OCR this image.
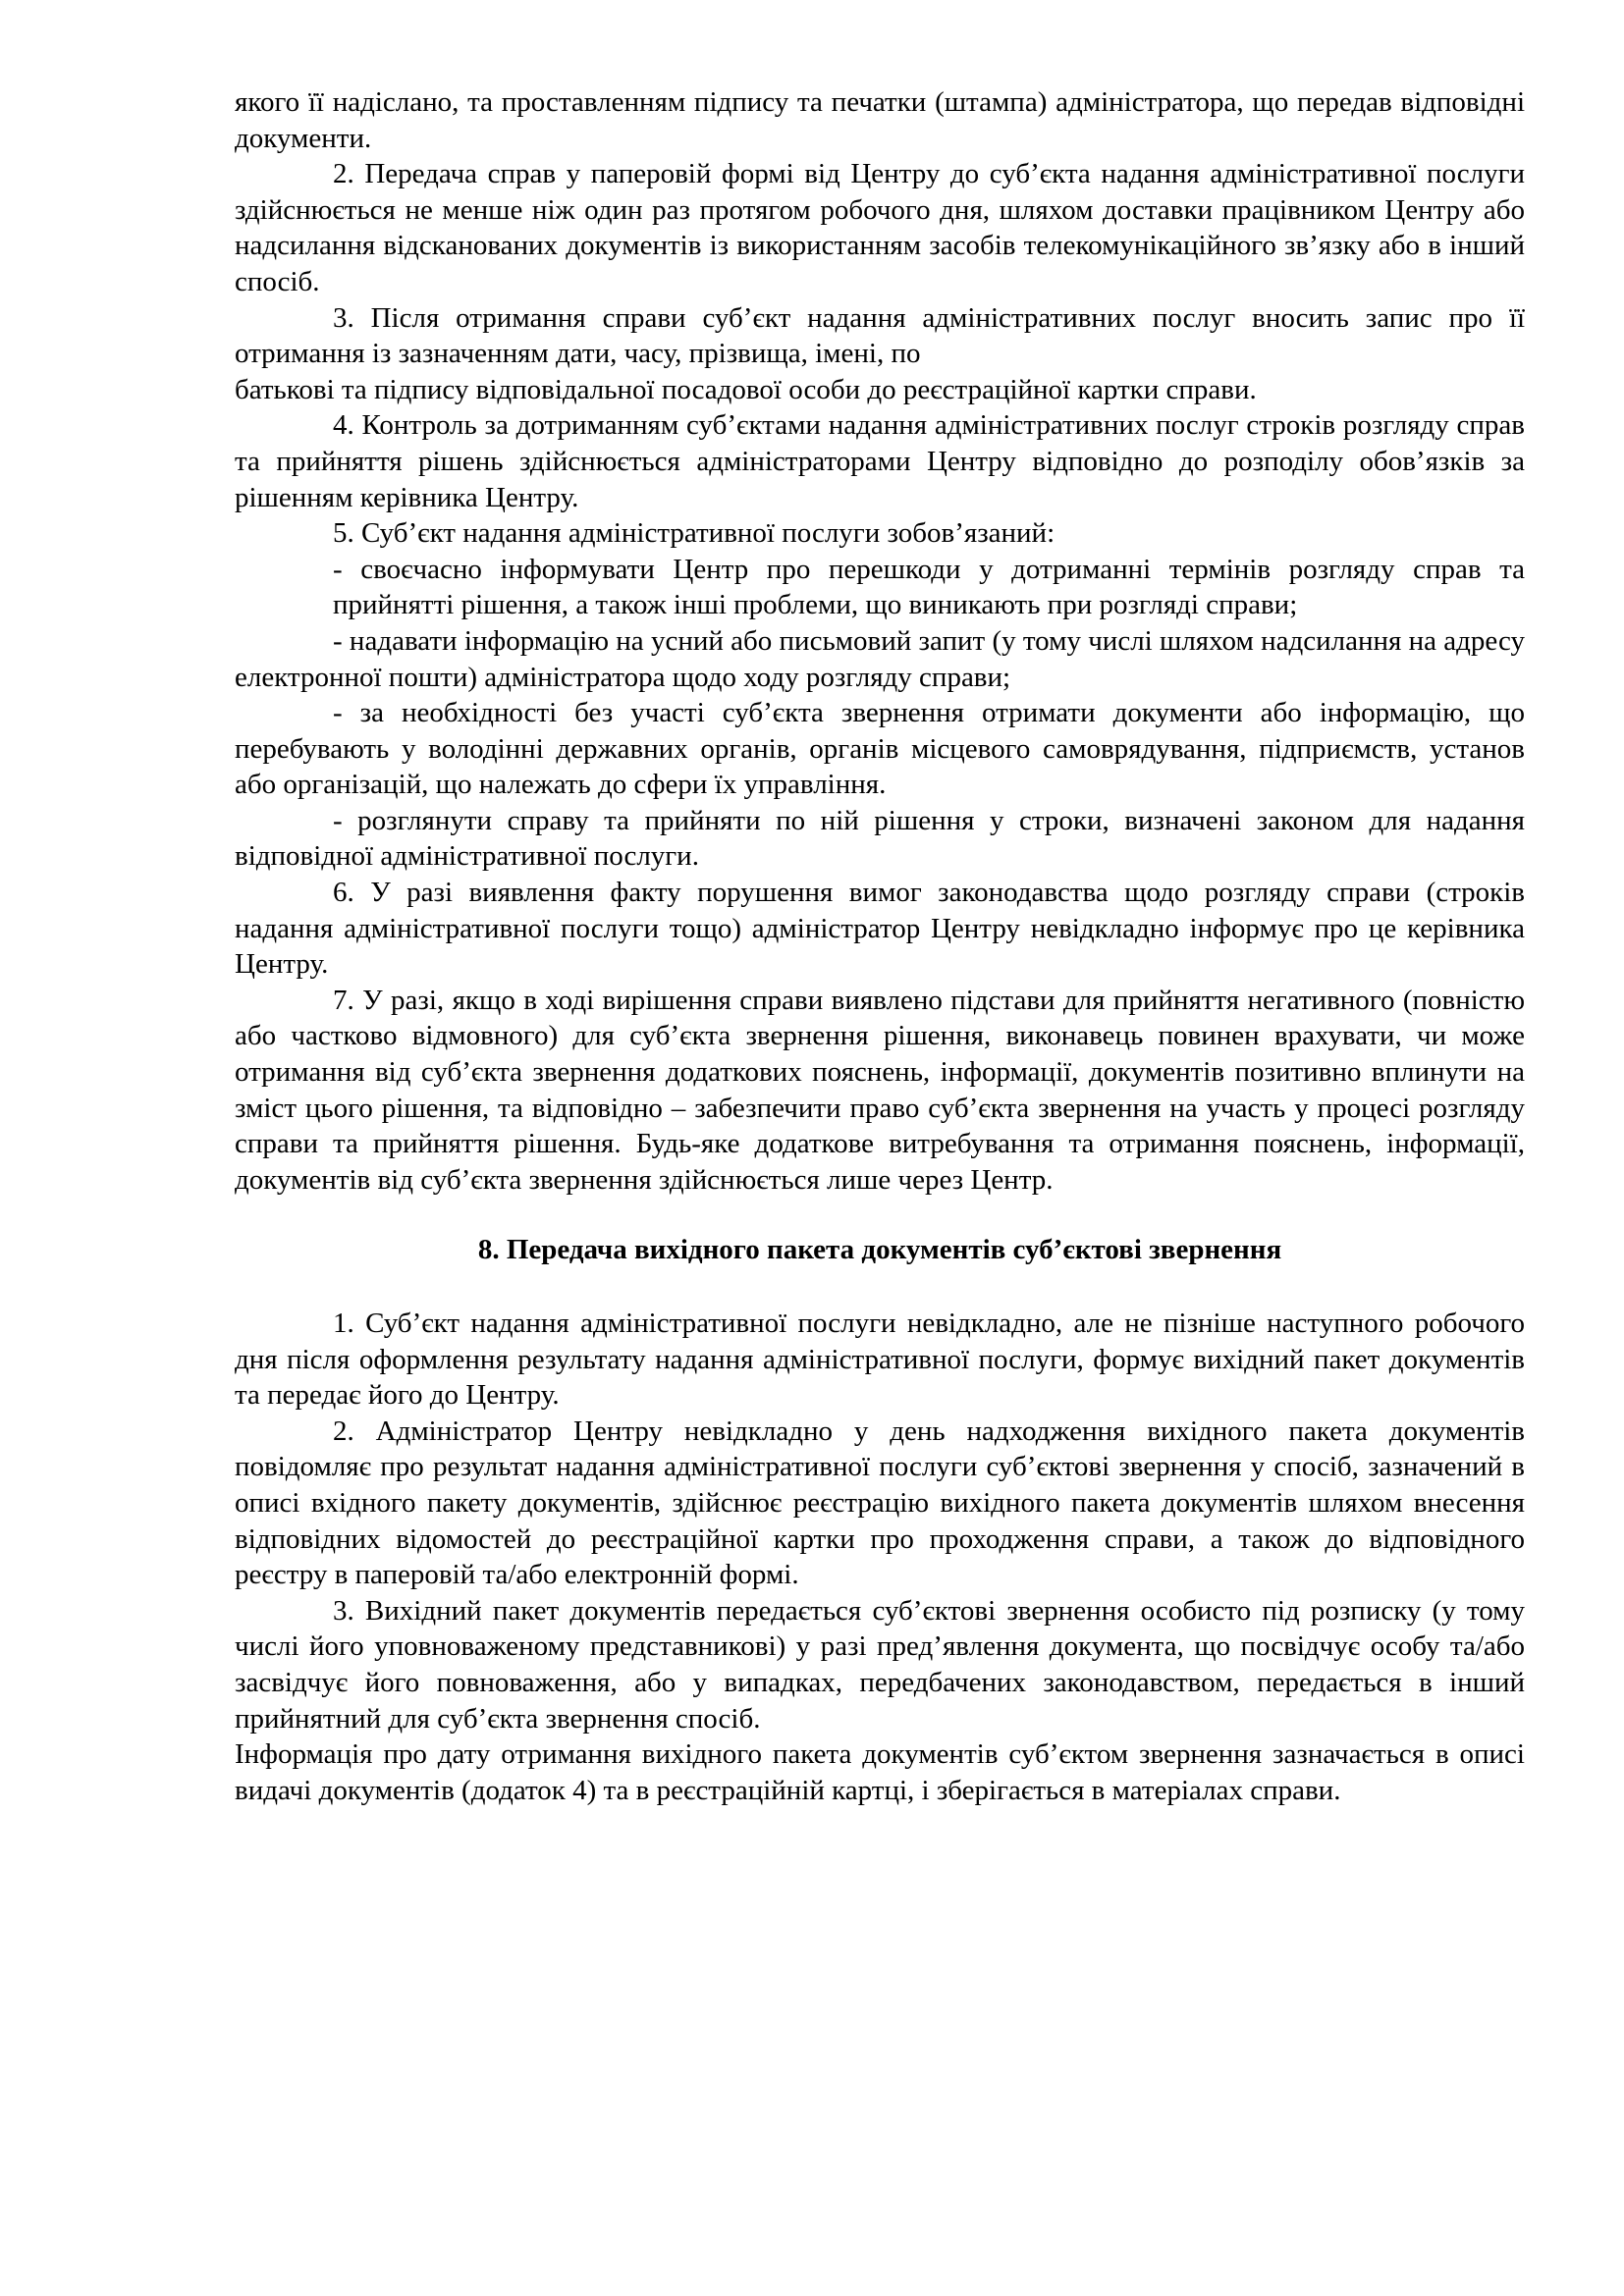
якого її надіслано, та проставленням підпису та печатки (штампа) адміністратора, що передав відповідні документи.

2. Передача справ у паперовій формі від Центру до суб’єкта надання адміністративної послуги здійснюється не менше ніж один раз протягом робочого дня, шляхом доставки працівником Центру або надсилання відсканованих документів із використанням засобів телекомунікаційного зв’язку або в інший спосіб.

3. Після отримання справи суб’єкт надання адміністративних послуг вносить запис про її отримання із зазначенням дати, часу, прізвища, імені, по

батькові та підпису відповідальної посадової особи до реєстраційної картки справи.

4. Контроль за дотриманням суб’єктами надання адміністративних послуг строків розгляду справ та прийняття рішень здійснюється адміністраторами Центру відповідно до розподілу обов’язків за рішенням керівника Центру.

5. Суб’єкт надання адміністративної послуги зобов’язаний:

- своєчасно інформувати Центр про перешкоди у дотриманні термінів розгляду справ та прийнятті рішення, а також інші проблеми, що виникають при розгляді справи;

- надавати інформацію на усний або письмовий запит (у тому числі шляхом надсилання на адресу електронної пошти) адміністратора щодо ходу розгляду справи;

- за необхідності без участі суб’єкта звернення отримати документи або інформацію, що перебувають у володінні державних органів, органів місцевого самоврядування, підприємств, установ або організацій, що належать до сфери їх управління.

- розглянути справу та прийняти по ній рішення у строки, визначені законом для надання відповідної адміністративної послуги.

6. У разі виявлення факту порушення вимог законодавства щодо розгляду справи (строків надання адміністративної послуги тощо) адміністратор Центру невідкладно інформує про це керівника Центру.

7. У разі, якщо в ході вирішення справи виявлено підстави для прийняття негативного (повністю або частково відмовного) для суб’єкта звернення рішення, виконавець повинен врахувати, чи може отримання від суб’єкта звернення додаткових пояснень, інформації, документів позитивно вплинути на зміст цього рішення, та відповідно – забезпечити право суб’єкта звернення на участь у процесі розгляду справи та прийняття рішення. Будь-яке додаткове витребування та отримання пояснень, інформації, документів від суб’єкта звернення здійснюється лише через Центр.

8. Передача вихідного пакета документів суб’єктові звернення

1. Суб’єкт надання адміністративної послуги невідкладно, але не пізніше наступного робочого дня після оформлення результату надання адміністративної послуги, формує вихідний пакет документів та передає його до Центру.

2. Адміністратор Центру невідкладно у день надходження вихідного пакета документів повідомляє про результат надання адміністративної послуги суб’єктові звернення у спосіб, зазначений в описі вхідного пакету документів, здійснює реєстрацію вихідного пакета документів шляхом внесення відповідних відомостей до реєстраційної картки про проходження справи, а також до відповідного реєстру в паперовій та/або електронній формі.

3. Вихідний пакет документів передається суб’єктові звернення особисто під розписку (у тому числі його уповноваженому представникові) у разі пред’явлення документа, що посвідчує особу та/або засвідчує його повноваження, або у випадках, передбачених законодавством, передається в інший прийнятний для суб’єкта звернення спосіб.

Інформація про дату отримання вихідного пакета документів суб’єктом звернення зазначається в описі видачі документів (додаток 4) та в реєстраційній картці, і зберігається в матеріалах справи.
